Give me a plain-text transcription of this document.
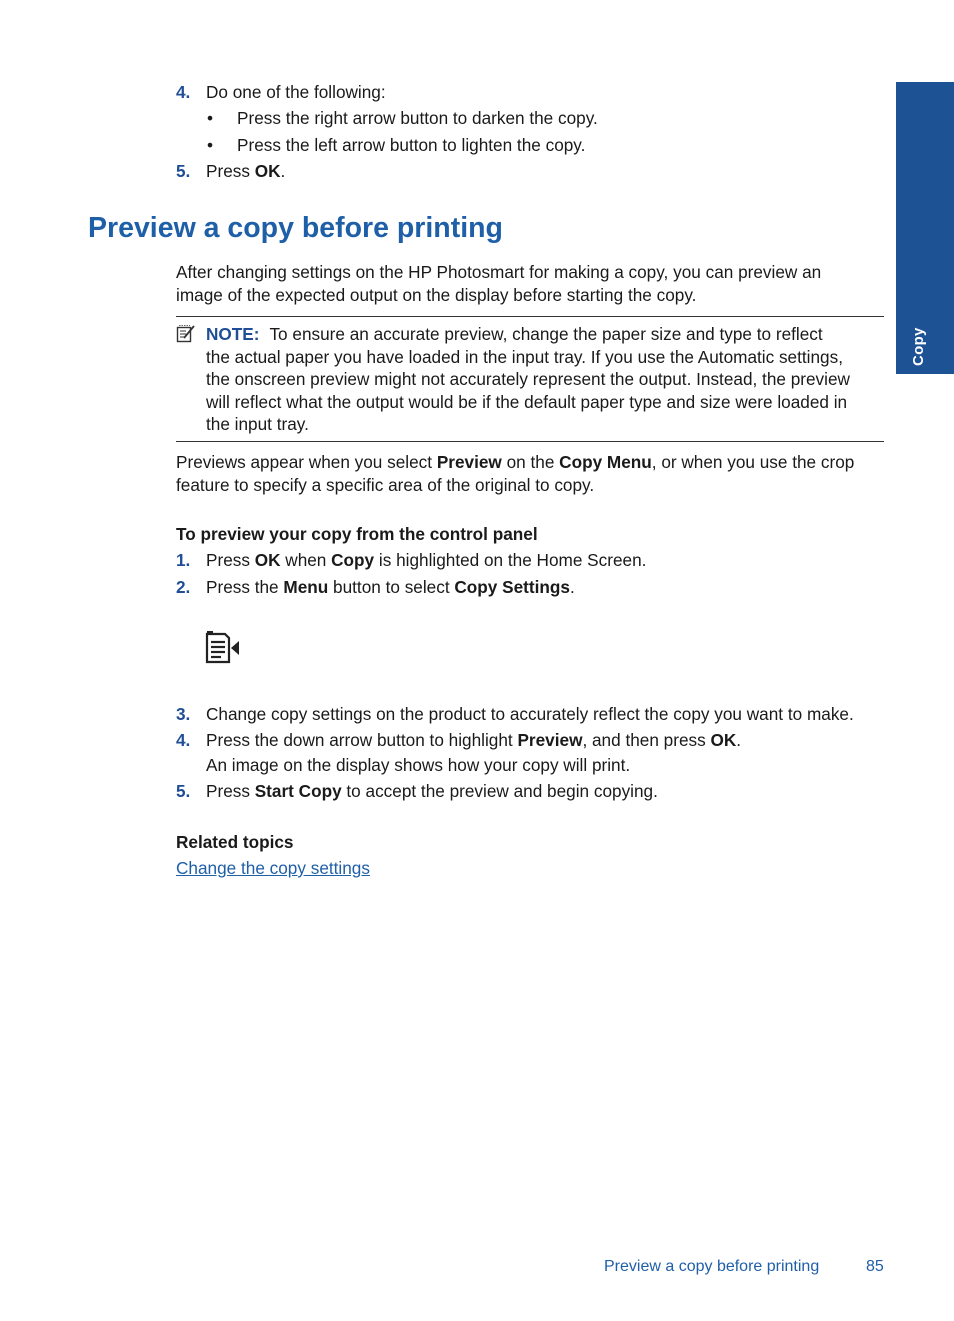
Copy
4. Do one of the following:
• Press the right arrow button to darken the copy.
• Press the left arrow button to lighten the copy.
5. Press OK.
Preview a copy before printing
After changing settings on the HP Photosmart for making a copy, you can preview an
image of the expected output on the display before starting the copy.
NOTE: To ensure an accurate preview, change the paper size and type to reflect
the actual paper you have loaded in the input tray. If you use the Automatic settings,
the onscreen preview might not accurately represent the output. Instead, the preview
will reflect what the output would be if the default paper type and size were loaded in
the input tray.
Previews appear when you select Preview on the Copy Menu, or when you use the crop
feature to specify a specific area of the original to copy.
To preview your copy from the control panel
1. Press OK when Copy is highlighted on the Home Screen.
2. Press the Menu button to select Copy Settings.
3. Change copy settings on the product to accurately reflect the copy you want to make.
4. Press the down arrow button to highlight Preview, and then press OK.
An image on the display shows how your copy will print.
5. Press Start Copy to accept the preview and begin copying.
Related topics
Change the copy settings
Preview a copy before printing	85
